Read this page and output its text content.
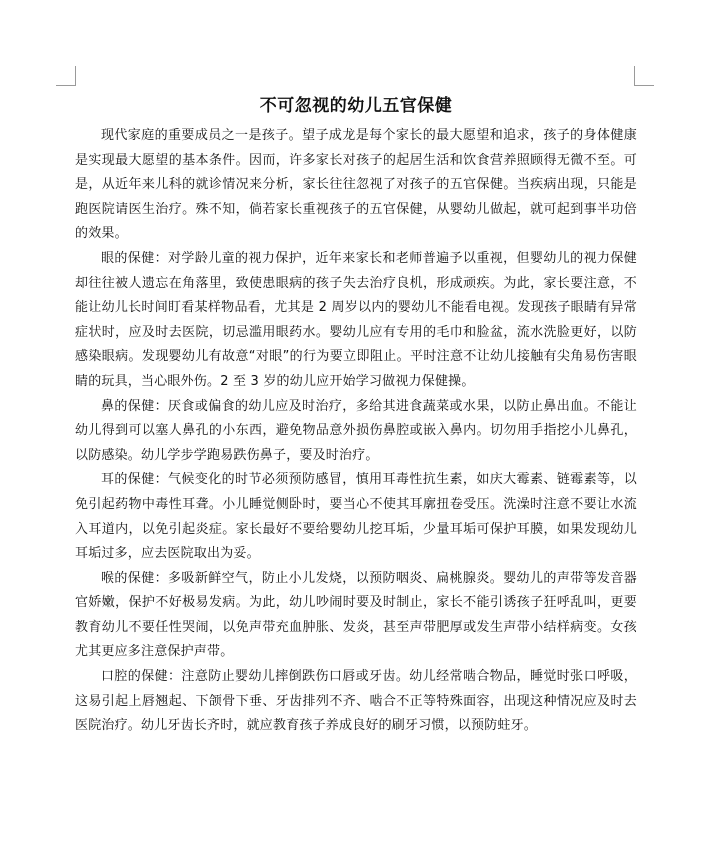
不可忽视的幼儿五官保健

现代家庭的重要成员之一是孩子。望子成龙是每个家长的最大愿望和追求，孩子的身体健康是实现最大愿望的基本条件。因而，许多家长对孩子的起居生活和饮食营养照顾得无微不至。可是，从近年来儿科的就诊情况来分析，家长往往忽视了对孩子的五官保健。当疾病出现，只能是跑医院请医生治疗。殊不知，倘若家长重视孩子的五官保健，从婴幼儿做起，就可起到事半功倍的效果。

眼的保健：对学龄儿童的视力保护，近年来家长和老师普遍予以重视，但婴幼儿的视力保健却往往被人遗忘在角落里，致使患眼病的孩子失去治疗良机，形成顽疾。为此，家长要注意，不能让幼儿长时间盯看某样物品看，尤其是 2 周岁以内的婴幼儿不能看电视。发现孩子眼睛有异常症状时，应及时去医院，切忌滥用眼药水。婴幼儿应有专用的毛巾和脸盆，流水洗脸更好，以防感染眼病。发现婴幼儿有故意“对眼”的行为要立即阻止。平时注意不让幼儿接触有尖角易伤害眼睛的玩具，当心眼外伤。2 至 3 岁的幼儿应开始学习做视力保健操。

鼻的保健：厌食或偏食的幼儿应及时治疗，多给其进食蔬菜或水果，以防止鼻出血。不能让幼儿得到可以塞人鼻孔的小东西，避免物品意外损伤鼻腔或嵌入鼻内。切勿用手指挖小儿鼻孔，以防感染。幼儿学步学跑易跌伤鼻子，要及时治疗。

耳的保健：气候变化的时节必须预防感冒，慎用耳毒性抗生素，如庆大霉素、链霉素等，以免引起药物中毒性耳聋。小儿睡觉侧卧时，要当心不使其耳廓扭卷受压。洗澡时注意不要让水流入耳道内，以免引起炎症。家长最好不要给婴幼儿挖耳垢，少量耳垢可保护耳膜，如果发现幼儿耳垢过多，应去医院取出为妥。

喉的保健：多吸新鲜空气，防止小儿发烧，以预防咽炎、扁桃腺炎。婴幼儿的声带等发音器官娇嫩，保护不好极易发病。为此，幼儿吵闹时要及时制止，家长不能引诱孩子狂呼乱叫，更要教育幼儿不要任性哭闹，以免声带充血肿胀、发炎，甚至声带肥厚或发生声带小结样病变。女孩尤其更应多注意保护声带。

口腔的保健：注意防止婴幼儿摔倒跌伤口唇或牙齿。幼儿经常啮合物品，睡觉时张口呼吸，这易引起上唇翘起、下颌骨下垂、牙齿排列不齐、啮合不正等特殊面容，出现这种情况应及时去医院治疗。幼儿牙齿长齐时，就应教育孩子养成良好的刷牙习惯，以预防蛀牙。
